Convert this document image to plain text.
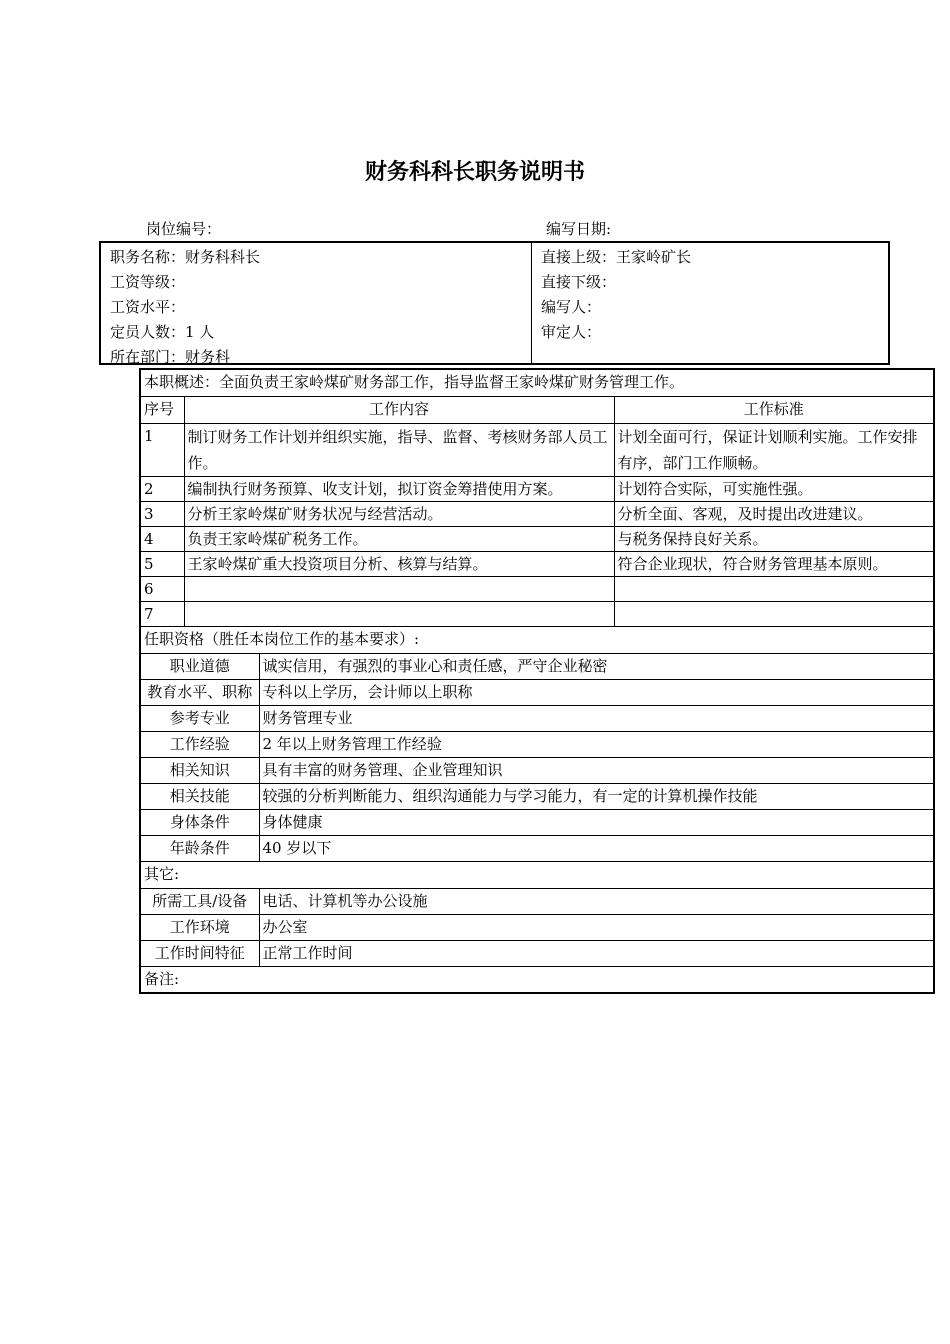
财务科科长职务说明书
岗位编号：	编写日期:
职务名称：财务科科长
工资等级：
工资水平：
定员人数：1 人
所在部门：财务科
直接上级：王家岭矿长
直接下级：
编写人：
审定人：
本职概述：全面负责王家岭煤矿财务部工作，指导监督王家岭煤矿财务管理工作。			
序号	工作内容		工作标准
1	制订财务工作计划并组织实施，指导、监督、考核财务部人员工作。		计划全面可行，保证计划顺利实施。工作安排有序，部门工作顺畅。
2	编制执行财务预算、收支计划，拟订资金筹措使用方案。		计划符合实际，可实施性强。
3	分析王家岭煤矿财务状况与经营活动。		分析全面、客观，及时提出改进建议。
4	负责王家岭煤矿税务工作。		与税务保持良好关系。
5	王家岭煤矿重大投资项目分析、核算与结算。		符合企业现状，符合财务管理基本原则。
6			
7			
任职资格（胜任本岗位工作的基本要求）:			
职业道德		诚实信用，有强烈的事业心和责任感，严守企业秘密	
教育水平、职称		专科以上学历，会计师以上职称	
参考专业		财务管理专业	
工作经验		2 年以上财务管理工作经验	
相关知识		具有丰富的财务管理、企业管理知识	
相关技能		较强的分析判断能力、组织沟通能力与学习能力，有一定的计算机操作技能	
身体条件		身体健康	
年龄条件		40 岁以下	
其它:			
所需工具/设备		电话、计算机等办公设施	
工作环境		办公室	
工作时间特征		正常工作时间	
备注:			
